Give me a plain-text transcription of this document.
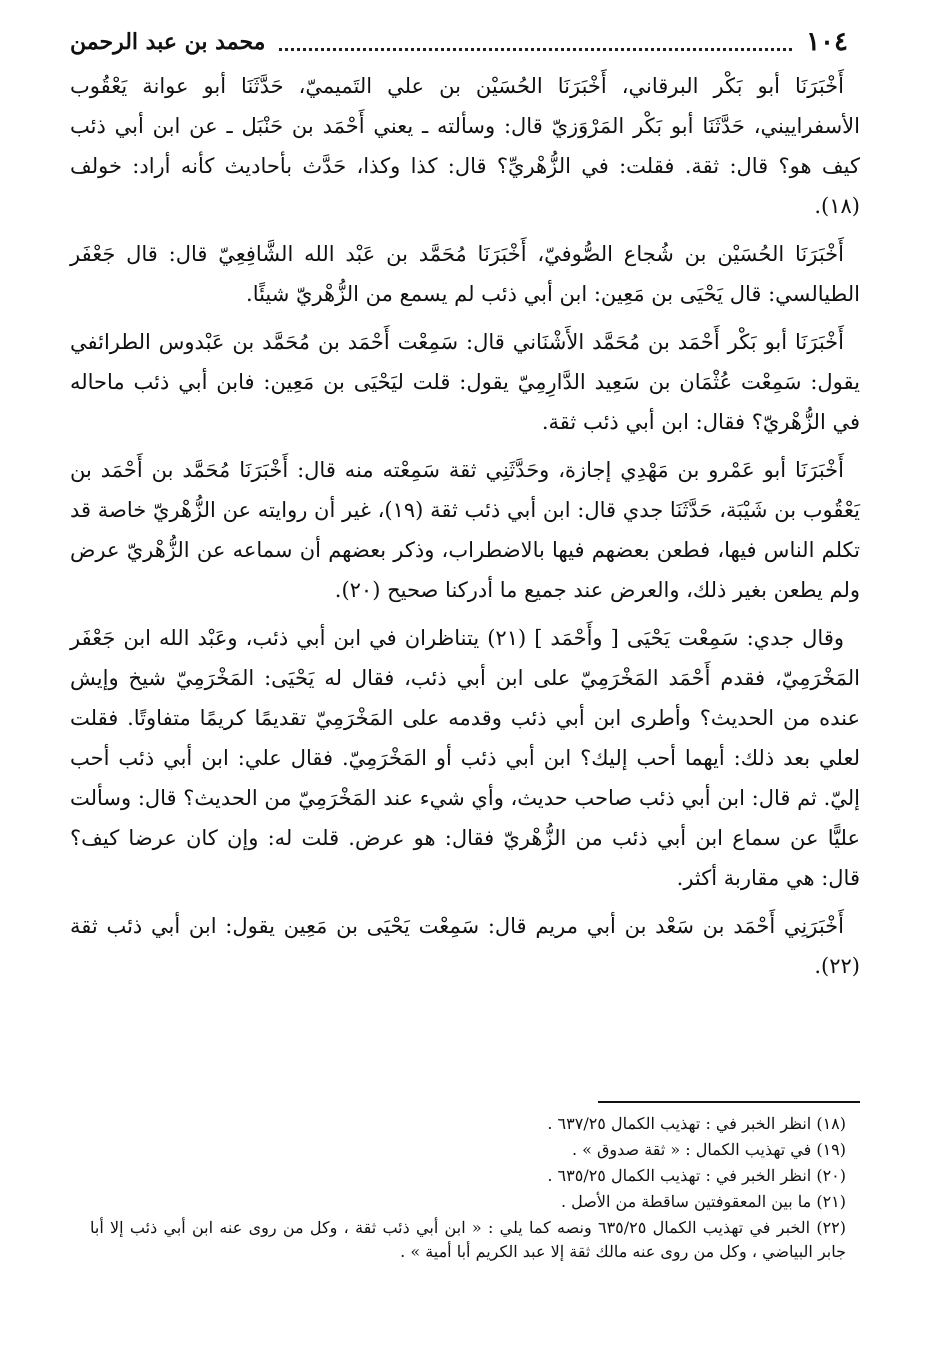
١٠٤
محمد بن عبد الرحمن

أَخْبَرَنَا أبو بَكْر البرقاني، أَخْبَرَنَا الحُسَيْن بن علي التَميميّ، حَدَّثَنَا أبو عوانة يَعْقُوب الأسفراييني، حَدَّثَنَا أبو بَكْر المَرْوَزيّ قال: وسألته ـ يعني أَحْمَد بن حَنْبَل ـ عن ابن أبي ذئب كيف هو؟ قال: ثقة. فقلت: في الزُّهْريِّ؟ قال: كذا وكذا، حَدَّث بأحاديث كأنه أراد: خولف (١٨).

أَخْبَرَنَا الحُسَيْن بن شُجاع الصُّوفيّ، أَخْبَرَنَا مُحَمَّد بن عَبْد الله الشَّافِعِيّ قال: قال جَعْفَر الطيالسي: قال يَحْيَى بن مَعِين: ابن أبي ذئب لم يسمع من الزُّهْريّ شيئًا.

أَخْبَرَنَا أبو بَكْر أَحْمَد بن مُحَمَّد الأَشْنَاني قال: سَمِعْت أَحْمَد بن مُحَمَّد بن عَبْدوس الطرائفي يقول: سَمِعْت عُثْمَان بن سَعِيد الدَّارِمِيّ يقول: قلت ليَحْيَى بن مَعِين: فابن أبي ذئب ماحاله في الزُّهْريّ؟ فقال: ابن أبي ذئب ثقة.

أَخْبَرَنَا أبو عَمْرو بن مَهْدِي إجازة، وحَدَّثَنِي ثقة سَمِعْته منه قال: أَخْبَرَنَا مُحَمَّد بن أَحْمَد بن يَعْقُوب بن شَيْبَة، حَدَّثَنَا جدي قال: ابن أبي ذئب ثقة (١٩)، غير أن روايته عن الزُّهْريّ خاصة قد تكلم الناس فيها، فطعن بعضهم فيها بالاضطراب، وذكر بعضهم أن سماعه عن الزُّهْريّ عرض ولم يطعن بغير ذلك، والعرض عند جميع ما أدركنا صحيح (٢٠).

وقال جدي: سَمِعْت يَحْيَى [ وأَحْمَد ] (٢١) يتناظران في ابن أبي ذئب، وعَبْد الله ابن جَعْفَر المَخْرَمِيّ، فقدم أَحْمَد المَخْرَمِيّ على ابن أبي ذئب، فقال له يَحْيَى: المَخْرَمِيّ شيخ وإيش عنده من الحديث؟ وأطرى ابن أبي ذئب وقدمه على المَخْرَمِيّ تقديمًا كريمًا متفاوتًا. فقلت لعلي بعد ذلك: أيهما أحب إليك؟ ابن أبي ذئب أو المَخْرَمِيّ. فقال علي: ابن أبي ذئب أحب إليّ. ثم قال: ابن أبي ذئب صاحب حديث، وأي شيء عند المَخْرَمِيّ من الحديث؟ قال: وسألت عليًّا عن سماع ابن أبي ذئب من الزُّهْريّ فقال: هو عرض. قلت له: وإن كان عرضا كيف؟ قال: هي مقاربة أكثر.

أَخْبَرَنِي أَحْمَد بن سَعْد بن أبي مريم قال: سَمِعْت يَحْيَى بن مَعِين يقول: ابن أبي ذئب ثقة (٢٢).

(١٨) انظر الخبر في : تهذيب الكمال ٦٣٧/٢٥ .
(١٩) في تهذيب الكمال : « ثقة صدوق » .
(٢٠) انظر الخبر في : تهذيب الكمال ٦٣٥/٢٥ .
(٢١) ما بين المعقوفتين ساقطة من الأصل .
(٢٢) الخبر في تهذيب الكمال ٦٣٥/٢٥ ونصه كما يلي : « ابن أبي ذئب ثقة ، وكل من روى عنه ابن أبي ذئب إلا أبا جابر البياضي ، وكل من روى عنه مالك ثقة إلا عبد الكريم أبا أمية » .
